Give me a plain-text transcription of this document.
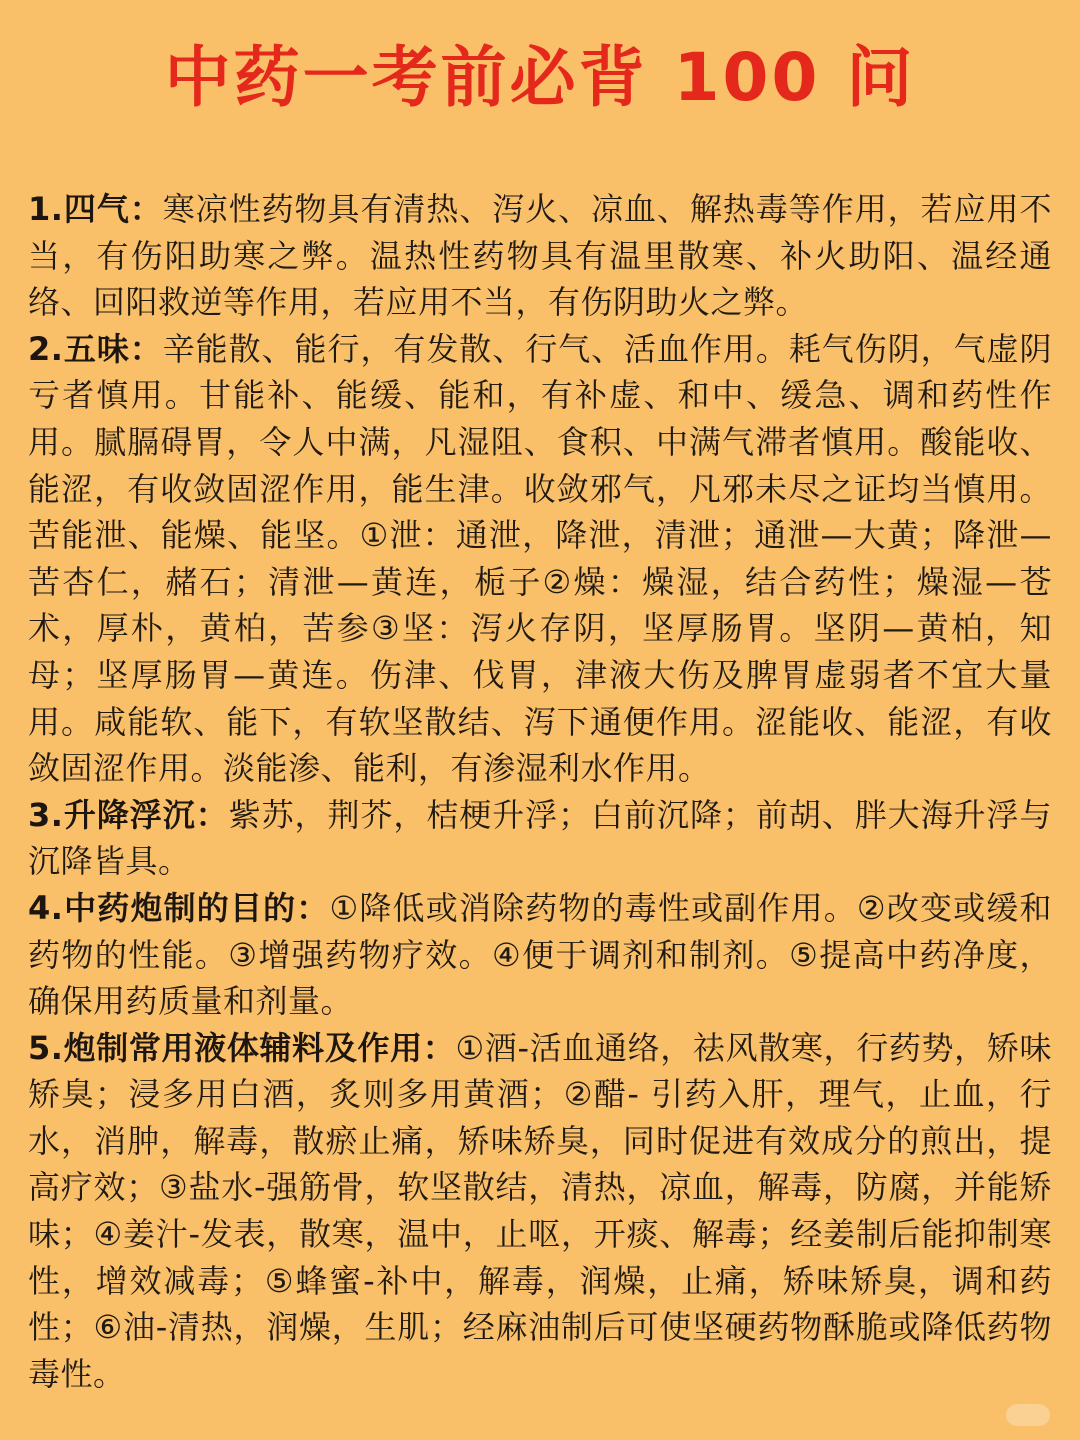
中药一考前必背 100 问

1.四气：寒凉性药物具有清热、泻火、凉血、解热毒等作用，若应用不当，有伤阳助寒之弊。温热性药物具有温里散寒、补火助阳、温经通络、回阳救逆等作用，若应用不当，有伤阴助火之弊。

2.五味：辛能散、能行，有发散、行气、活血作用。耗气伤阴，气虚阴亏者慎用。甘能补、能缓、能和，有补虚、和中、缓急、调和药性作用。腻膈碍胃，令人中满，凡湿阻、食积、中满气滞者慎用。酸能收、能涩，有收敛固涩作用，能生津。收敛邪气，凡邪未尽之证均当慎用。苦能泄、能燥、能坚。①泄：通泄，降泄，清泄；通泄—大黄；降泄—苦杏仁，赭石；清泄—黄连，栀子②燥：燥湿，结合药性；燥湿—苍术，厚朴，黄柏，苦参③坚：泻火存阴，坚厚肠胃。坚阴—黄柏，知母；坚厚肠胃—黄连。伤津、伐胃，津液大伤及脾胃虚弱者不宜大量用。咸能软、能下，有软坚散结、泻下通便作用。涩能收、能涩，有收敛固涩作用。淡能渗、能利，有渗湿利水作用。

3.升降浮沉：紫苏，荆芥，桔梗升浮；白前沉降；前胡、胖大海升浮与沉降皆具。

4.中药炮制的目的：①降低或消除药物的毒性或副作用。②改变或缓和药物的性能。③增强药物疗效。④便于调剂和制剂。⑤提高中药净度，确保用药质量和剂量。

5.炮制常用液体辅料及作用：①酒-活血通络，祛风散寒，行药势，矫味矫臭；浸多用白酒，炙则多用黄酒；②醋- 引药入肝，理气，止血，行水，消肿，解毒，散瘀止痛，矫味矫臭，同时促进有效成分的煎出，提高疗效；③盐水-强筋骨，软坚散结，清热，凉血，解毒，防腐，并能矫味；④姜汁-发表，散寒，温中，止呕，开痰、解毒；经姜制后能抑制寒性，增效减毒；⑤蜂蜜-补中，解毒，润燥，止痛，矫味矫臭，调和药性；⑥油-清热，润燥，生肌；经麻油制后可使坚硬药物酥脆或降低药物毒性。
